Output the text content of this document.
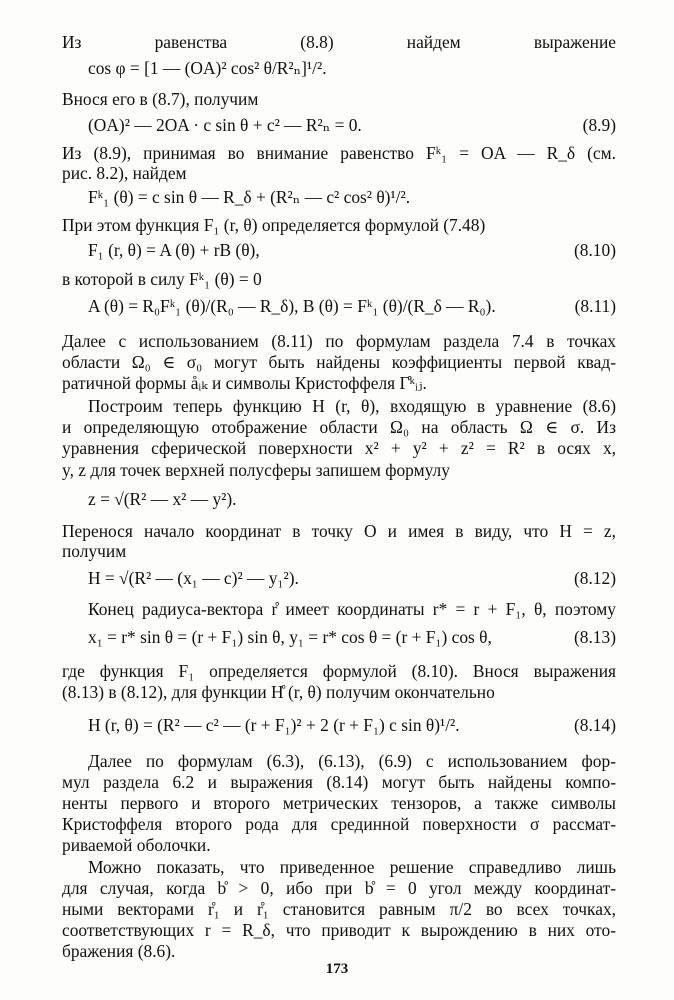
Из равенства (8.8) найдем выражение
cos φ = [1 — (OA)² cos² θ/R²ₙ]¹/².
Внося его в (8.7), получим
(OA)² — 2OA · c sin θ + c² — R²ₙ = 0.	(8.9)
Из (8.9), принимая во внимание равенство Fᵏ₁ = OA — R_δ (см.
рис. 8.2), найдем
Fᵏ₁ (θ) = c sin θ — R_δ + (R²ₙ — c² cos² θ)¹/².
При этом функция F₁ (r, θ) определяется формулой (7.48)
F₁ (r, θ) = A (θ) + rB (θ),	(8.10)
в которой в силу Fᵏ₁ (θ) = 0
A (θ) = R₀Fᵏ₁ (θ)/(R₀ — R_δ), B (θ) = Fᵏ₁ (θ)/(R_δ — R₀).	(8.11)
Далее с использованием (8.11) по формулам раздела 7.4 в точках
области Ω₀ ∈ σ₀ могут быть найдены коэффициенты первой квад-
ратичной формы åᵢₖ и символы Кристоффеля Γ̊ᵏᵢⱼ.
Построим теперь функцию H (r, θ), входящую в уравнение (8.6)
и определяющую отображение области Ω₀ на область Ω ∈ σ. Из
уравнения сферической поверхности x² + y² + z² = R² в осях x,
y, z для точек верхней полусферы запишем формулу
z = √(R² — x² — y²).
Перенося начало координат в точку O и имея в виду, что H = z,
получим
H = √(R² — (x₁ — c)² — y₁²).	(8.12)
Конец радиуса-вектора r̊ имеет координаты r* = r + F₁, θ, поэтому
x₁ = r* sin θ = (r + F₁) sin θ, y₁ = r* cos θ = (r + F₁) cos θ,	(8.13)
где функция F₁ определяется формулой (8.10). Внося выражения
(8.13) в (8.12), для функции H̊ (r, θ) получим окончательно
H (r, θ) = (R² — c² — (r + F₁)² + 2 (r + F₁) c sin θ)¹/².	(8.14)
Далее по формулам (6.3), (6.13), (6.9) с использованием фор-
мул раздела 6.2 и выражения (8.14) могут быть найдены компо-
ненты первого и второго метрических тензоров, а также символы
Кристоффеля второго рода для срединной поверхности σ рассмат-
риваемой оболочки.
Можно показать, что приведенное решение справедливо лишь
для случая, когда b̊ > 0, ибо при b̊ = 0 угол между координат-
ными векторами r̊₁ и r̊₁ становится равным π/2 во всех точках,
соответствующих r = R_δ, что приводит к вырождению в них ото-
бражения (8.6).
173
